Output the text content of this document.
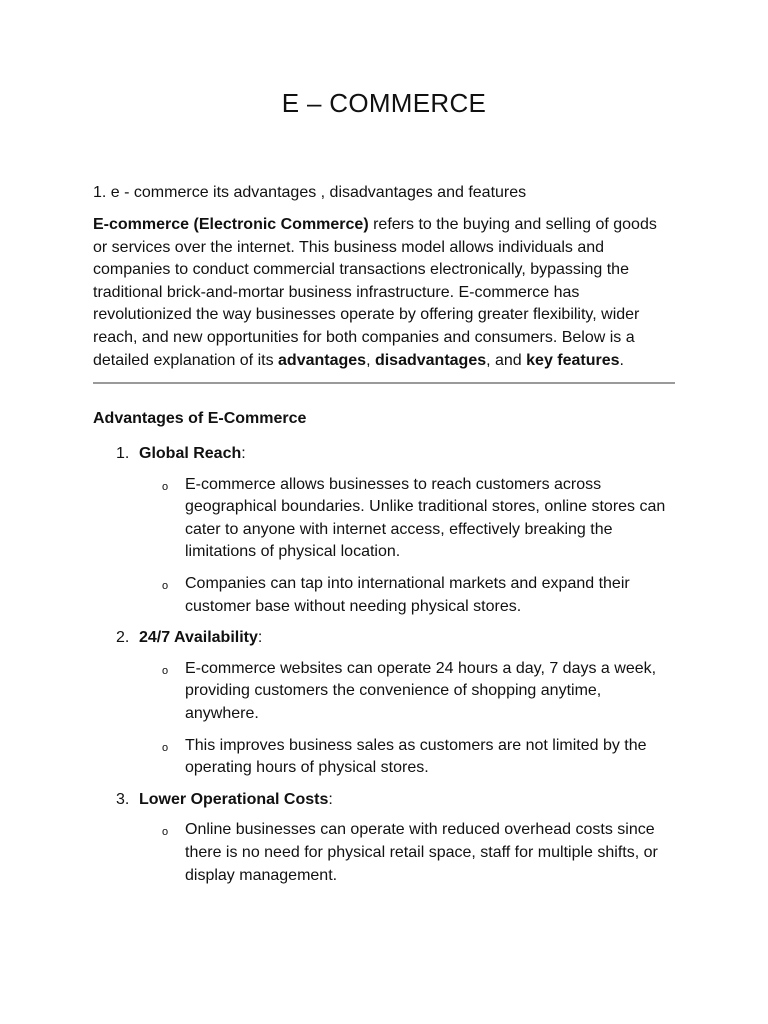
E – COMMERCE

1. e - commerce its advantages , disadvantages and features

E-commerce (Electronic Commerce) refers to the buying and selling of goods or services over the internet. This business model allows individuals and companies to conduct commercial transactions electronically, bypassing the traditional brick-and-mortar business infrastructure. E-commerce has revolutionized the way businesses operate by offering greater flexibility, wider reach, and new opportunities for both companies and consumers. Below is a detailed explanation of its advantages, disadvantages, and key features.

Advantages of E-Commerce

1. Global Reach:

o E-commerce allows businesses to reach customers across geographical boundaries. Unlike traditional stores, online stores can cater to anyone with internet access, effectively breaking the limitations of physical location.

o Companies can tap into international markets and expand their customer base without needing physical stores.

2. 24/7 Availability:

o E-commerce websites can operate 24 hours a day, 7 days a week, providing customers the convenience of shopping anytime, anywhere.

o This improves business sales as customers are not limited by the operating hours of physical stores.

3. Lower Operational Costs:

o Online businesses can operate with reduced overhead costs since there is no need for physical retail space, staff for multiple shifts, or display management.
